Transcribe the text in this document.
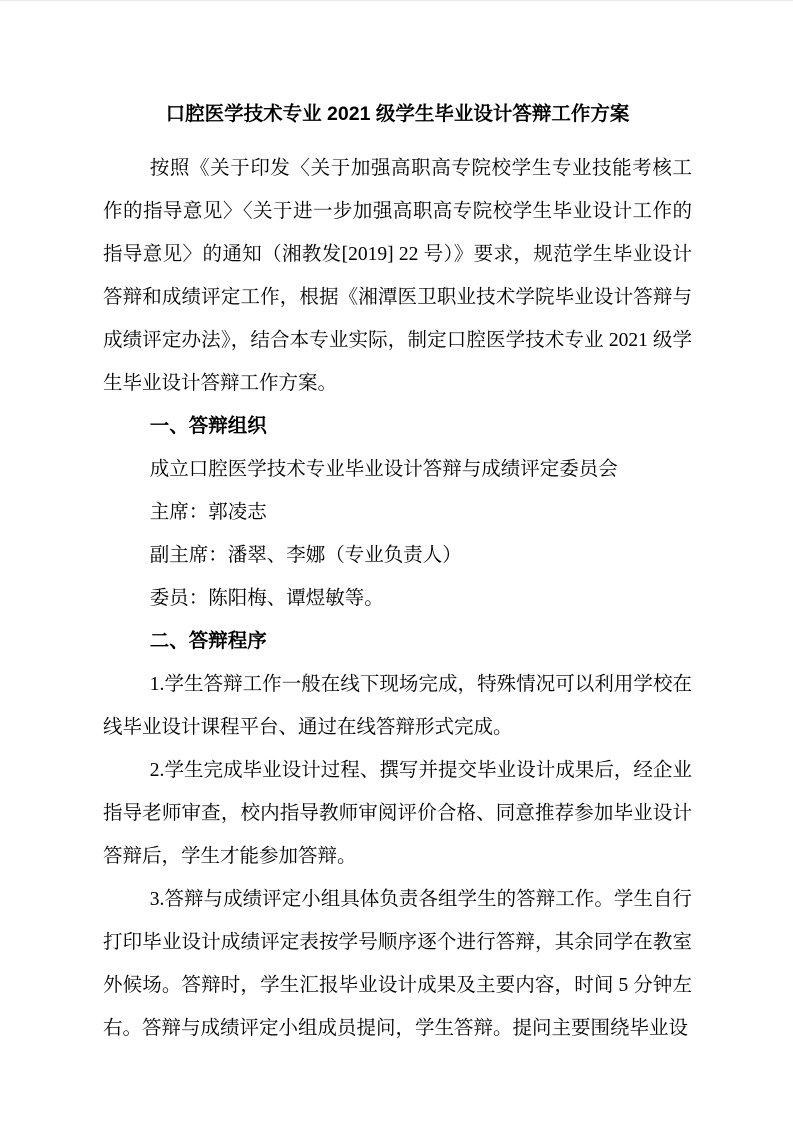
口腔医学技术专业 2021 级学生毕业设计答辩工作方案

按照《关于印发〈关于加强高职高专院校学生专业技能考核工作的指导意见〉〈关于进一步加强高职高专院校学生毕业设计工作的指导意见〉的通知（湘教发[2019] 22 号）》要求，规范学生毕业设计答辩和成绩评定工作，根据《湘潭医卫职业技术学院毕业设计答辩与成绩评定办法》，结合本专业实际，制定口腔医学技术专业 2021 级学生毕业设计答辩工作方案。

一、答辩组织

成立口腔医学技术专业毕业设计答辩与成绩评定委员会

主席：郭凌志

副主席：潘翠、李娜（专业负责人）

委员：陈阳梅、谭煜敏等。

二、答辩程序

1.学生答辩工作一般在线下现场完成，特殊情况可以利用学校在线毕业设计课程平台、通过在线答辩形式完成。

2.学生完成毕业设计过程、撰写并提交毕业设计成果后，经企业指导老师审查，校内指导教师审阅评价合格、同意推荐参加毕业设计答辩后，学生才能参加答辩。

3.答辩与成绩评定小组具体负责各组学生的答辩工作。学生自行打印毕业设计成绩评定表按学号顺序逐个进行答辩，其余同学在教室外候场。答辩时，学生汇报毕业设计成果及主要内容，时间 5 分钟左右。答辩与成绩评定小组成员提问，学生答辩。提问主要围绕毕业设
